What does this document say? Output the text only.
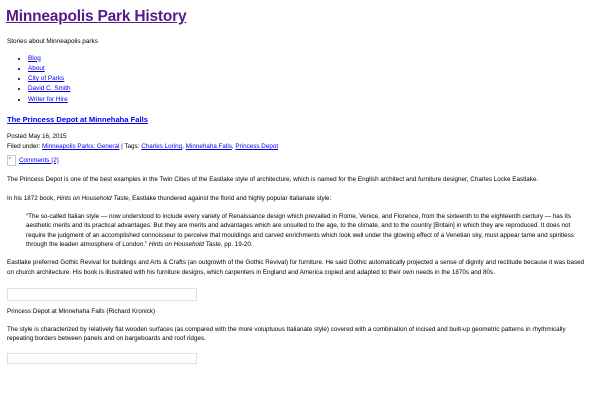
Minneapolis Park History
Stories about Minneapolis parks
• Blog
• About
• City of Parks
• David C. Smith
• Writer for Hire
The Princess Depot at Minnehaha Falls
Posted May 16, 2015
Filed under: Minneapolis Parks: General | Tags: Charles Loring, Minnehaha Falls, Princess Depot
Comments (2)

The Princess Depot is one of the best examples in the Twin Cities of the Eastlake style of architecture, which is named for the English architect and furniture designer, Charles Locke Eastlake.

In his 1872 book, Hints on Household Taste, Eastlake thundered against the florid and highly popular Italianate style:

“The so-called Italian style — now understood to include every variety of Renaissance design which prevailed in Rome, Venice, and Florence, from the sixteenth to the eighteenth century — has its aesthetic merits and its practical advantages. But they are merits and advantages which are unsuited to the age, to the climate, and to the country [Britain] in which they are reproduced. It does not require the judgment of an accomplished connoisseur to perceive that mouldings and carved enrichments which look well under the glowing effect of a Venetian sky, must appear tame and spiritless through the leaden atmosphere of London.” Hints on Household Taste, pp. 19-20.

Eastlake preferred Gothic Revival for buildings and Arts & Crafts (an outgrowth of the Gothic Revival) for furniture. He said Gothic automatically projected a sense of dignity and rectitude because it was based on church architecture. His book is illustrated with his furniture designs, which carpenters in England and America copied and adapted to their own needs in the 1870s and 80s.

Princess Depot at Minnehaha Falls (Richard Kronick)

The style is characterized by relatively flat wooden surfaces (as compared with the more voluptuous Italianate style) covered with a combination of incised and built-up geometric patterns in rhythmically repeating borders between panels and on bargeboards and roof ridges.
